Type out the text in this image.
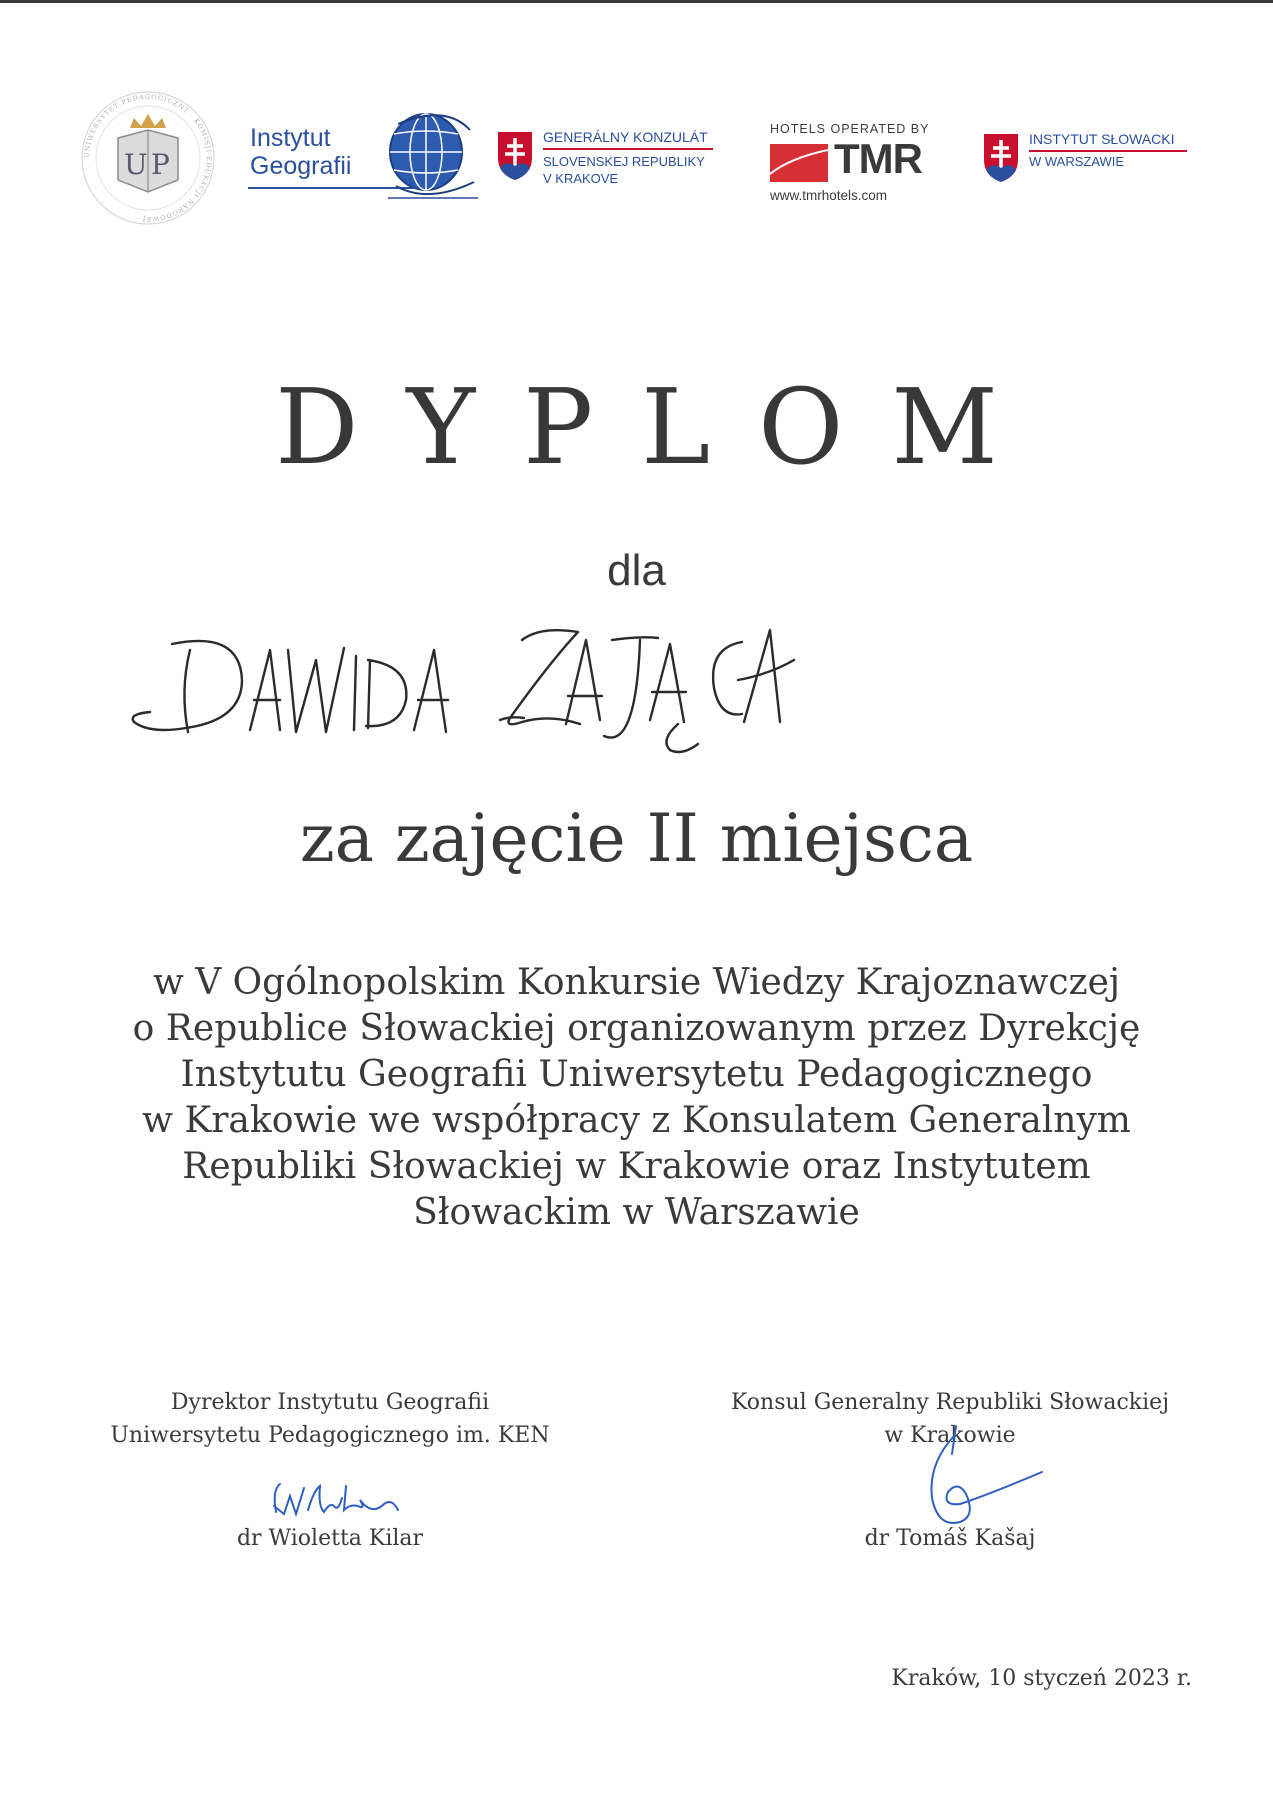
U P
UNIWERSYTET PEDAGOGICZNY · KOMISJI EDUKACJI NARODOWEJ ·
Instytut
Geografii
GENERÁLNY KONZULÁT
SLOVENSKEJ REPUBLIKY
V KRAKOVE
HOTELS OPERATED BY
TMR
www.tmrhotels.com
INSTYTUT SŁOWACKI
W WARSZAWIE
DYPLOM
dla
za zajęcie II miejsca
w V Ogólnopolskim Konkursie Wiedzy Krajoznawczej
o Republice Słowackiej organizowanym przez Dyrekcję
Instytutu Geografii Uniwersytetu Pedagogicznego
w Krakowie we współpracy z Konsulatem Generalnym
Republiki Słowackiej w Krakowie oraz Instytutem
Słowackim w Warszawie
Dyrektor Instytutu Geografii
Uniwersytetu Pedagogicznego im. KEN
dr Wioletta Kilar
Konsul Generalny Republiki Słowackiej
w Krakowie
dr Tomáš Kašaj
Kraków, 10 styczeń 2023 r.
